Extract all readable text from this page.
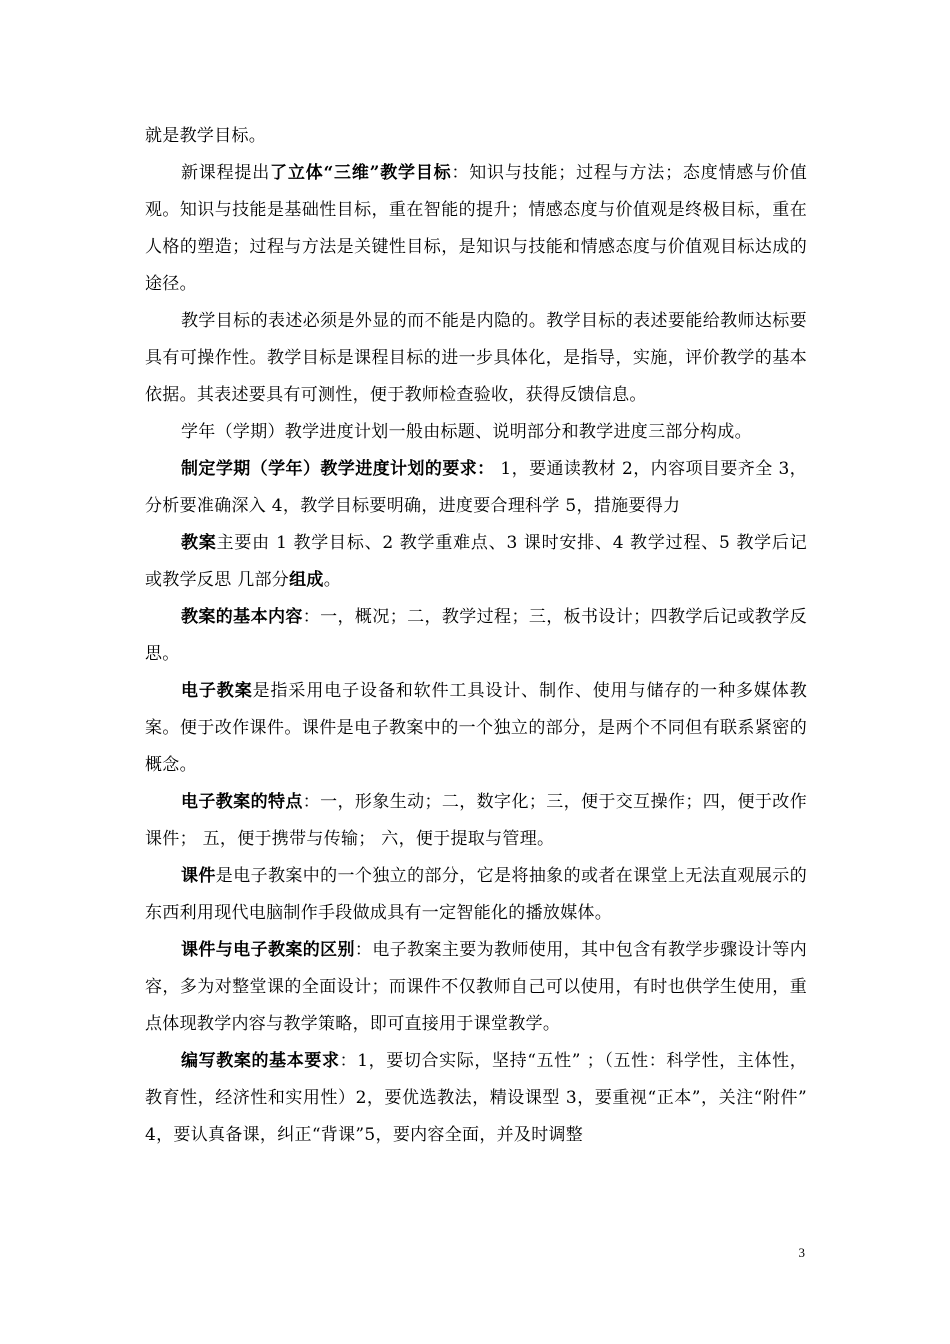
就是教学目标。

新课程提出了立体“三维”教学目标：知识与技能；过程与方法；态度情感与价值观。知识与技能是基础性目标，重在智能的提升；情感态度与价值观是终极目标，重在人格的塑造；过程与方法是关键性目标，是知识与技能和情感态度与价值观目标达成的途径。

教学目标的表述必须是外显的而不能是内隐的。教学目标的表述要能给教师达标要具有可操作性。教学目标是课程目标的进一步具体化，是指导，实施，评价教学的基本依据。其表述要具有可测性，便于教师检查验收，获得反馈信息。

学年（学期）教学进度计划一般由标题、说明部分和教学进度三部分构成。

制定学期（学年）教学进度计划的要求： 1，要通读教材 2，内容项目要齐全 3，分析要准确深入 4，教学目标要明确，进度要合理科学 5，措施要得力

教案主要由 1 教学目标、2 教学重难点、3 课时安排、4 教学过程、5 教学后记或教学反思 几部分组成。

教案的基本内容：一，概况；二，教学过程；三，板书设计；四教学后记或教学反思。

电子教案是指采用电子设备和软件工具设计、制作、使用与储存的一种多媒体教案。便于改作课件。课件是电子教案中的一个独立的部分，是两个不同但有联系紧密的概念。

电子教案的特点：一，形象生动；二，数字化；三，便于交互操作；四，便于改作课件； 五，便于携带与传输； 六，便于提取与管理。

课件是电子教案中的一个独立的部分，它是将抽象的或者在课堂上无法直观展示的东西利用现代电脑制作手段做成具有一定智能化的播放媒体。

课件与电子教案的区别：电子教案主要为教师使用，其中包含有教学步骤设计等内容，多为对整堂课的全面设计；而课件不仅教师自己可以使用，有时也供学生使用，重点体现教学内容与教学策略，即可直接用于课堂教学。

编写教案的基本要求：1，要切合实际，坚持“五性” ；（五性：科学性，主体性，教育性，经济性和实用性）2，要优选教法，精设课型 3，要重视“正本”，关注“附件” 4，要认真备课，纠正“背课”5，要内容全面，并及时调整

3
